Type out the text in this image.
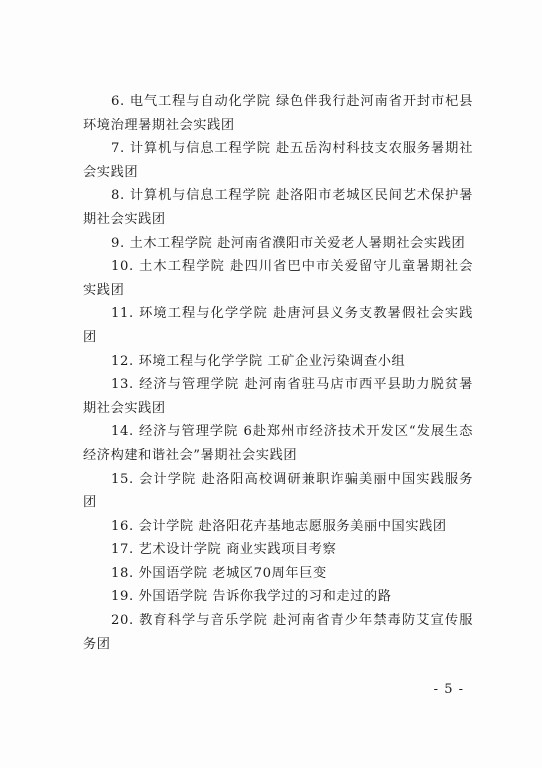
6. 电气工程与自动化学院 绿色伴我行赴河南省开封市杞县环境治理暑期社会实践团

7. 计算机与信息工程学院 赴五岳沟村科技支农服务暑期社会实践团

8. 计算机与信息工程学院 赴洛阳市老城区民间艺术保护暑期社会实践团

9. 土木工程学院 赴河南省濮阳市关爱老人暑期社会实践团

10. 土木工程学院 赴四川省巴中市关爱留守儿童暑期社会实践团

11. 环境工程与化学学院 赴唐河县义务支教暑假社会实践团

12. 环境工程与化学学院 工矿企业污染调查小组

13. 经济与管理学院 赴河南省驻马店市西平县助力脱贫暑期社会实践团

14. 经济与管理学院 6赴郑州市经济技术开发区“发展生态经济构建和谐社会”暑期社会实践团

15. 会计学院 赴洛阳高校调研兼职诈骗美丽中国实践服务团

16. 会计学院 赴洛阳花卉基地志愿服务美丽中国实践团

17. 艺术设计学院 商业实践项目考察

18. 外国语学院 老城区70周年巨变

19. 外国语学院 告诉你我学过的习和走过的路

20. 教育科学与音乐学院 赴河南省青少年禁毒防艾宣传服务团

- 5 -
